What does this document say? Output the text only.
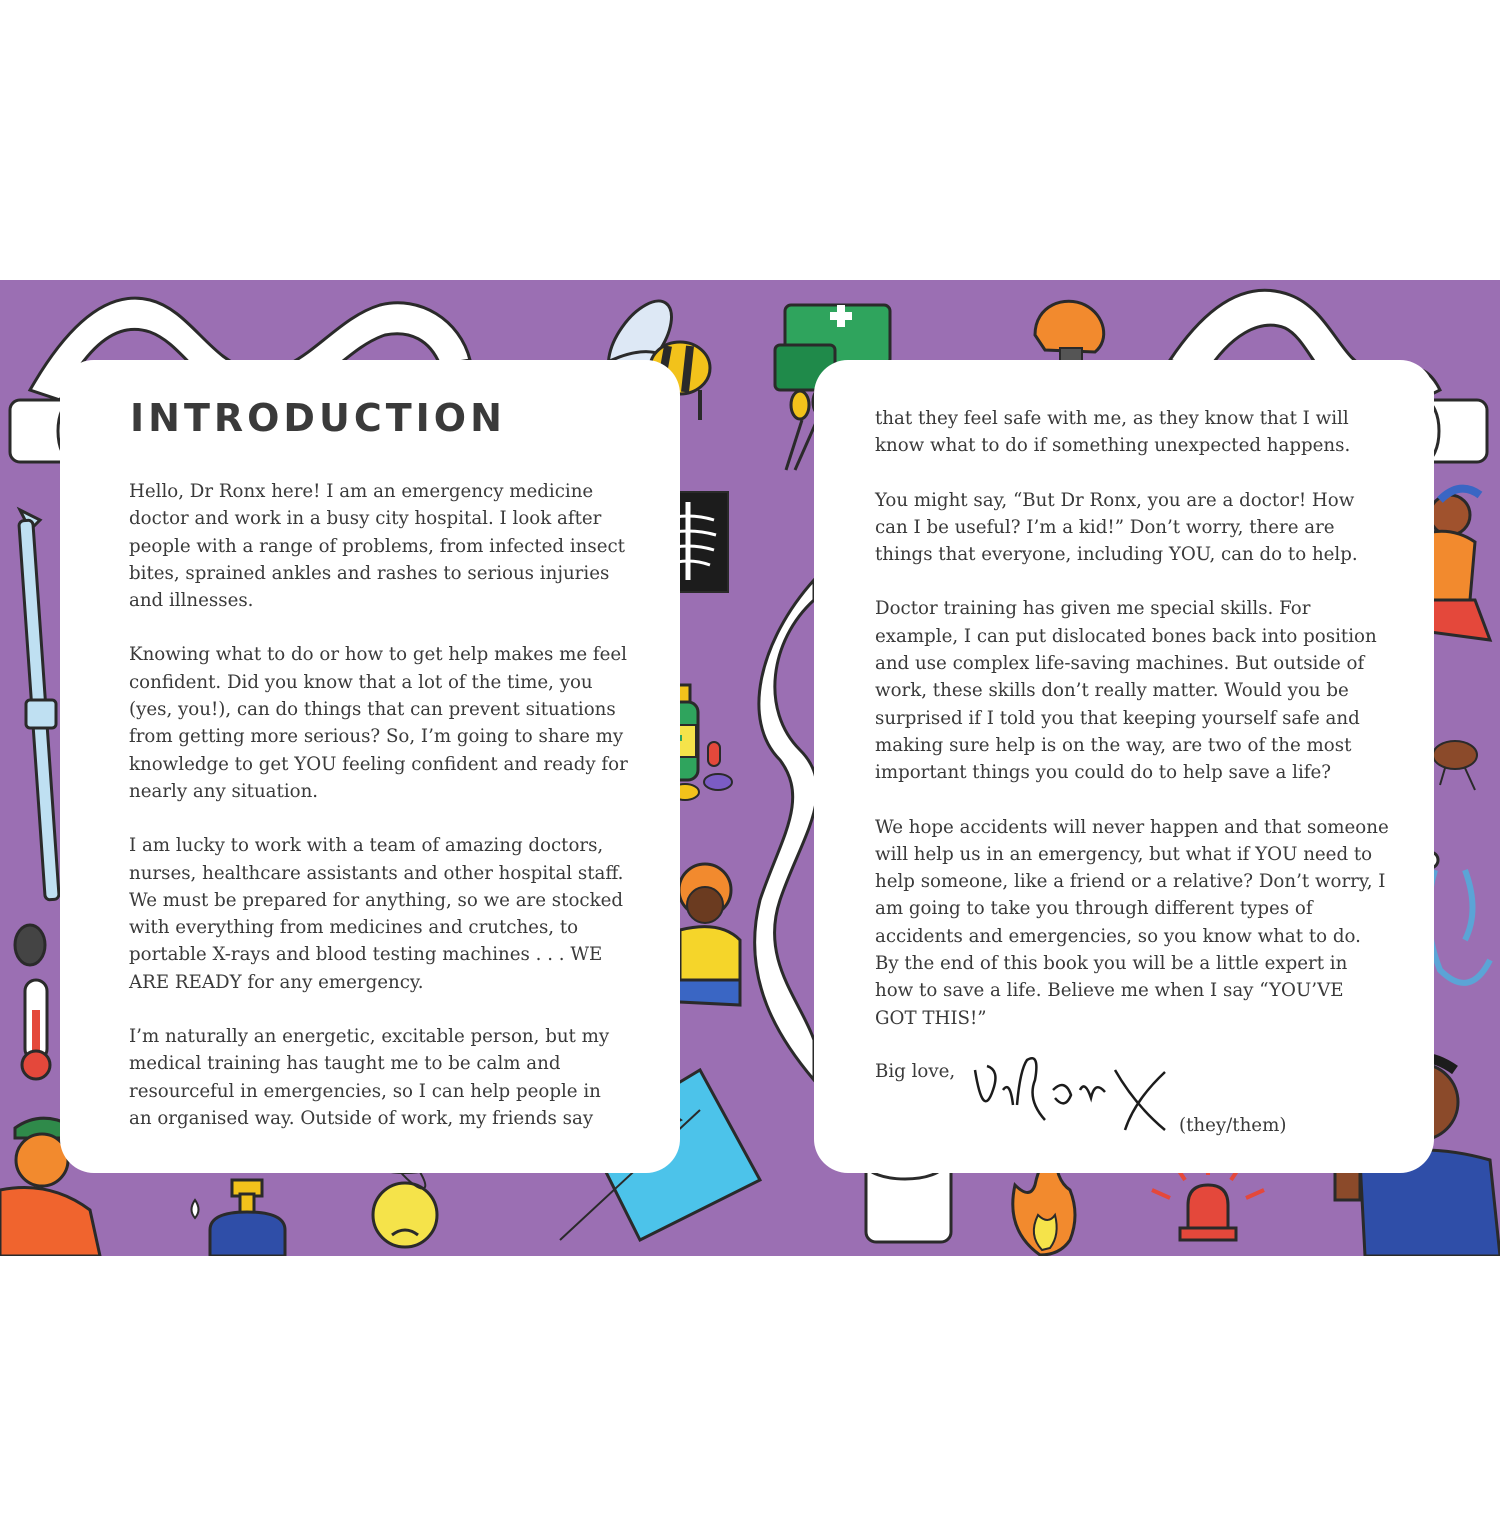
INTRODUCTION

Hello, Dr Ronx here! I am an emergency medicine doctor and work in a busy city hospital. I look after people with a range of problems, from infected insect bites, sprained ankles and rashes to serious injuries and illnesses.

Knowing what to do or how to get help makes me feel confident. Did you know that a lot of the time, you (yes, you!), can do things that can prevent situations from getting more serious? So, I’m going to share my knowledge to get YOU feeling confident and ready for nearly any situation.

I am lucky to work with a team of amazing doctors, nurses, healthcare assistants and other hospital staff. We must be prepared for anything, so we are stocked with everything from medicines and crutches, to portable X-rays and blood testing machines . . . WE ARE READY for any emergency.

I’m naturally an energetic, excitable person, but my medical training has taught me to be calm and resourceful in emergencies, so I can help people in an organised way. Outside of work, my friends say

that they feel safe with me, as they know that I will know what to do if something unexpected happens.

You might say, “But Dr Ronx, you are a doctor! How can I be useful? I’m a kid!” Don’t worry, there are things that everyone, including YOU, can do to help.

Doctor training has given me special skills. For example, I can put dislocated bones back into position and use complex life-saving machines. But outside of work, these skills don’t really matter. Would you be surprised if I told you that keeping yourself safe and making sure help is on the way, are two of the most important things you could do to help save a life?

We hope accidents will never happen and that someone will help us in an emergency, but what if YOU need to help someone, like a friend or a relative? Don’t worry, I am going to take you through different types of accidents and emergencies, so you know what to do. By the end of this book you will be a little expert in how to save a life. Believe me when I say “YOU’VE GOT THIS!”

Big love,
(they/them)
